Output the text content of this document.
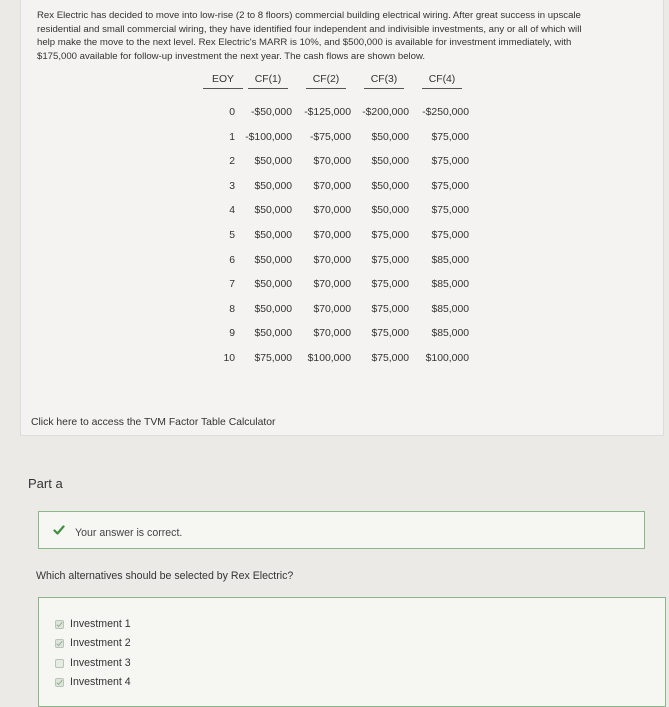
Rex Electric has decided to move into low-rise (2 to 8 floors) commercial building electrical wiring. After great success in upscale
residential and small commercial wiring, they have identified four independent and indivisible investments, any or all of which will
help make the move to the next level. Rex Electric's MARR is 10%, and $500,000 is available for investment immediately, with
$175,000 available for follow-up investment the next year. The cash flows are shown below.
EOY	CF(1)	CF(2)	CF(3)	CF(4)
0	-$50,000	-$125,000	-$200,000	-$250,000
1 -$100,000	-$75,000	$50,000	$75,000
2	$50,000	$70,000	$50,000	$75,000
3	$50,000	$70,000	$50,000	$75,000
4	$50,000	$70,000	$50,000	$75,000
5	$50,000	$70,000	$75,000	$75,000
6	$50,000	$70,000	$75,000	$85,000
7	$50,000	$70,000	$75,000	$85,000
8	$50,000	$70,000	$75,000	$85,000
9	$50,000	$70,000	$75,000	$85,000
10	$75,000	$100,000	$75,000	$100,000
Click here to access the TVM Factor Table Calculator
Part a
Your answer is correct.
Which alternatives should be selected by Rex Electric?
Investment 1
Investment 2
Investment 3
Investment 4
